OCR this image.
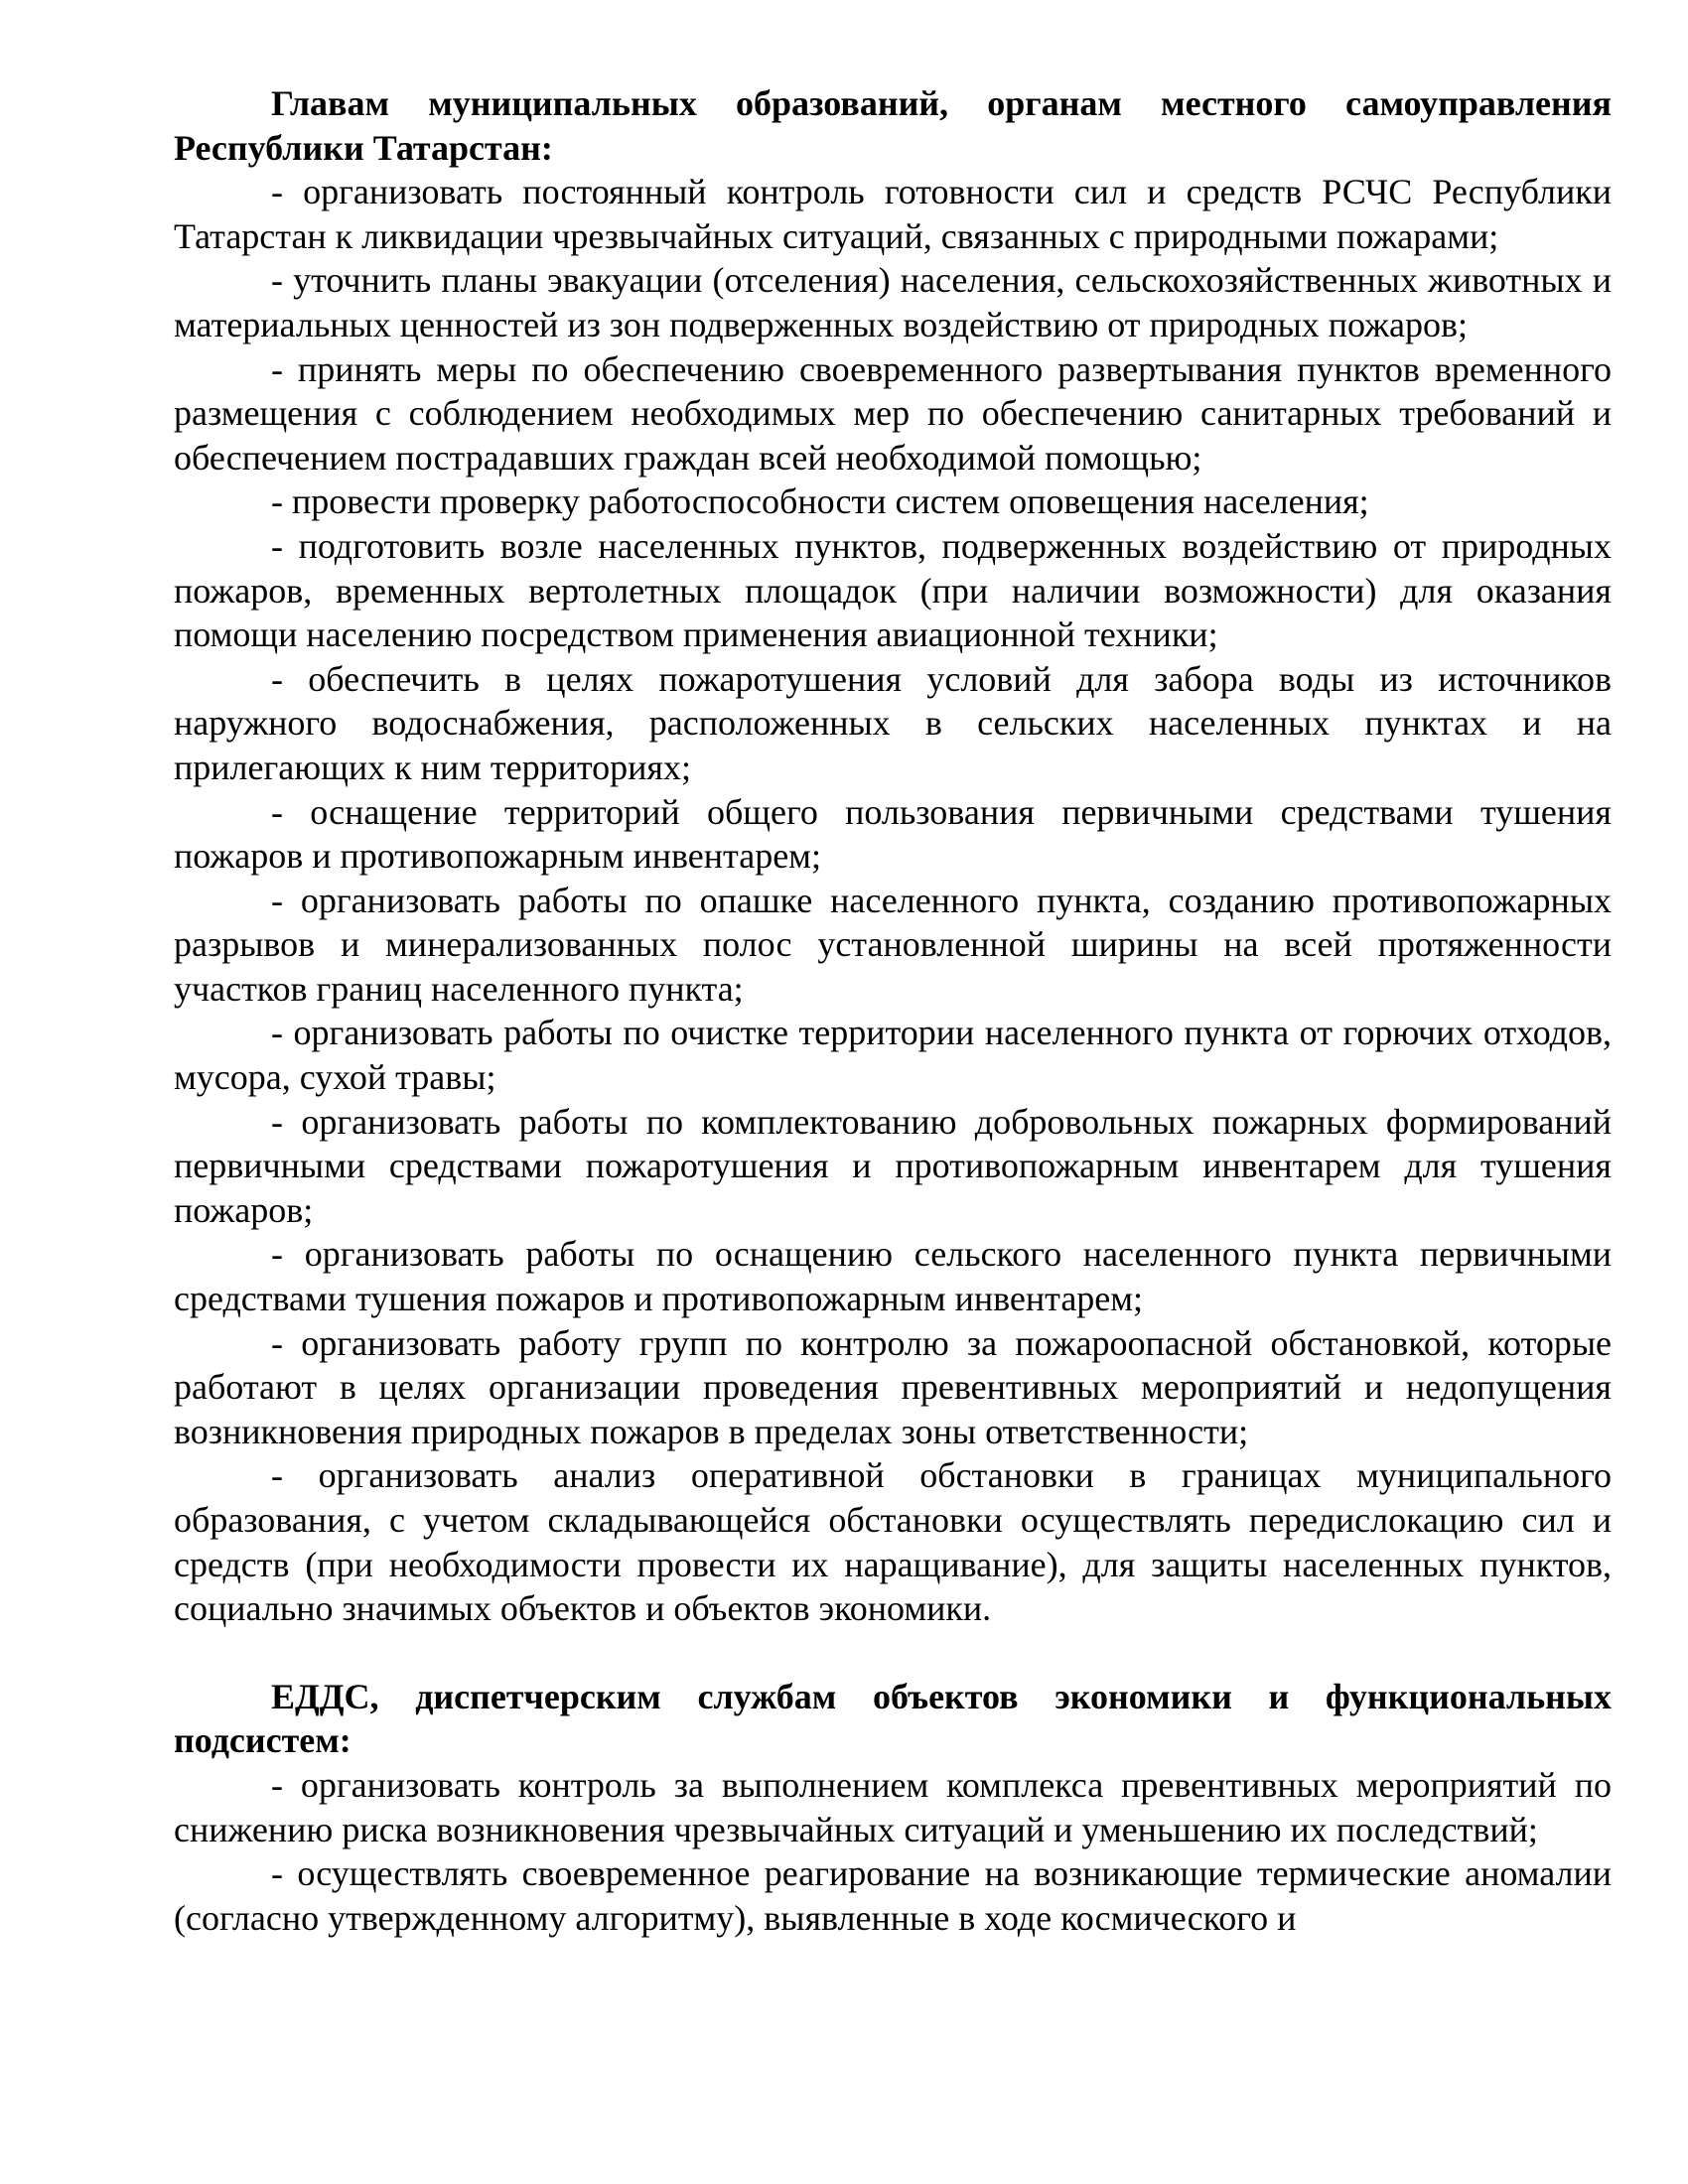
Главам муниципальных образований, органам местного самоуправления Республики Татарстан:

- организовать постоянный контроль готовности сил и средств РСЧС Республики Татарстан к ликвидации чрезвычайных ситуаций, связанных с природными пожарами;

- уточнить планы эвакуации (отселения) населения, сельскохозяйственных животных и материальных ценностей из зон подверженных воздействию от природных пожаров;

- принять меры по обеспечению своевременного развертывания пунктов временного размещения с соблюдением необходимых мер по обеспечению санитарных требований и обеспечением пострадавших граждан всей необходимой помощью;

- провести проверку работоспособности систем оповещения населения;

- подготовить возле населенных пунктов, подверженных воздействию от природных пожаров, временных вертолетных площадок (при наличии возможности) для оказания помощи населению посредством применения авиационной техники;

- обеспечить в целях пожаротушения условий для забора воды из источников наружного водоснабжения, расположенных в сельских населенных пунктах и на прилегающих к ним территориях;

- оснащение территорий общего пользования первичными средствами тушения пожаров и противопожарным инвентарем;

- организовать работы по опашке населенного пункта, созданию противопожарных разрывов и минерализованных полос установленной ширины на всей протяженности участков границ населенного пункта;

- организовать работы по очистке территории населенного пункта от горючих отходов, мусора, сухой травы;

- организовать работы по комплектованию добровольных пожарных формирований первичными средствами пожаротушения и противопожарным инвентарем для тушения пожаров;

- организовать работы по оснащению сельского населенного пункта первичными средствами тушения пожаров и противопожарным инвентарем;

- организовать работу групп по контролю за пожароопасной обстановкой, которые работают в целях организации проведения превентивных мероприятий и недопущения возникновения природных пожаров в пределах зоны ответственности;

- организовать анализ оперативной обстановки в границах муниципального образования, с учетом складывающейся обстановки осуществлять передислокацию сил и средств (при необходимости провести их наращивание), для защиты населенных пунктов, социально значимых объектов и объектов экономики.

ЕДДС, диспетчерским службам объектов экономики и функциональных подсистем:

- организовать контроль за выполнением комплекса превентивных мероприятий по снижению риска возникновения чрезвычайных ситуаций и уменьшению их последствий;

- осуществлять своевременное реагирование на возникающие термические аномалии (согласно утвержденному алгоритму), выявленные в ходе космического и
